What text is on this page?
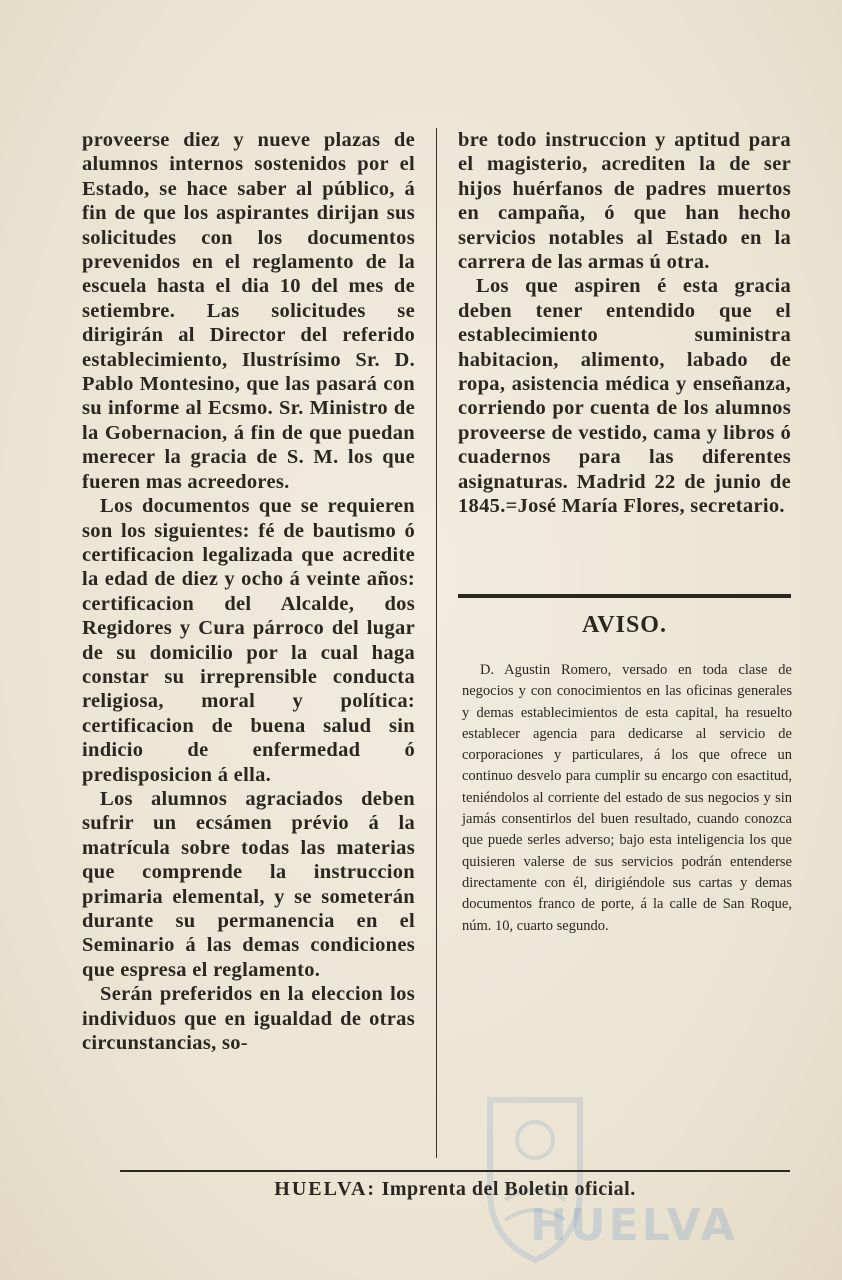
proveerse diez y nueve plazas de alumnos internos sostenidos por el Estado, se hace saber al público, á fin de que los aspirantes dirijan sus solicitudes con los documentos prevenidos en el reglamento de la escuela hasta el dia 10 del mes de setiembre. Las solicitudes se dirigirán al Director del referido establecimiento, Ilustrísimo Sr. D. Pablo Montesino, que las pasará con su informe al Ecsmo. Sr. Ministro de la Gobernacion, á fin de que puedan merecer la gracia de S. M. los que fueren mas acreedores.

Los documentos que se requieren son los siguientes: fé de bautismo ó certificacion legalizada que acredite la edad de diez y ocho á veinte años: certificacion del Alcalde, dos Regidores y Cura párroco del lugar de su domicilio por la cual haga constar su irreprensible conducta religiosa, moral y política: certificacion de buena salud sin indicio de enfermedad ó predisposicion á ella.

Los alumnos agraciados deben sufrir un ecsámen prévio á la matrícula sobre todas las materias que comprende la instruccion primaria elemental, y se someterán durante su permanencia en el Seminario á las demas condiciones que espresa el reglamento.

Serán preferidos en la eleccion los individuos que en igualdad de otras circunstancias, so-

bre todo instruccion y aptitud para el magisterio, acrediten la de ser hijos huérfanos de padres muertos en campaña, ó que han hecho servicios notables al Estado en la carrera de las armas ú otra.

Los que aspiren é esta gracia deben tener entendido que el establecimiento suministra habitacion, alimento, labado de ropa, asistencia médica y enseñanza, corriendo por cuenta de los alumnos proveerse de vestido, cama y libros ó cuadernos para las diferentes asignaturas. Madrid 22 de junio de 1845.=José María Flores, secretario.

AVISO.

D. Agustin Romero, versado en toda clase de negocios y con conocimientos en las oficinas generales y demas establecimientos de esta capital, ha resuelto establecer agencia para dedicarse al servicio de corporaciones y particulares, á los que ofrece un continuo desvelo para cumplir su encargo con esactitud, teniéndolos al corriente del estado de sus negocios y sin jamás consentirlos del buen resultado, cuando conozca que puede serles adverso; bajo esta inteligencia los que quisieren valerse de sus servicios podrán entenderse directamente con él, dirigiéndole sus cartas y demas documentos franco de porte, á la calle de San Roque, núm. 10, cuarto segundo.

HUELVA
HUELVA: Imprenta del Boletin oficial.
